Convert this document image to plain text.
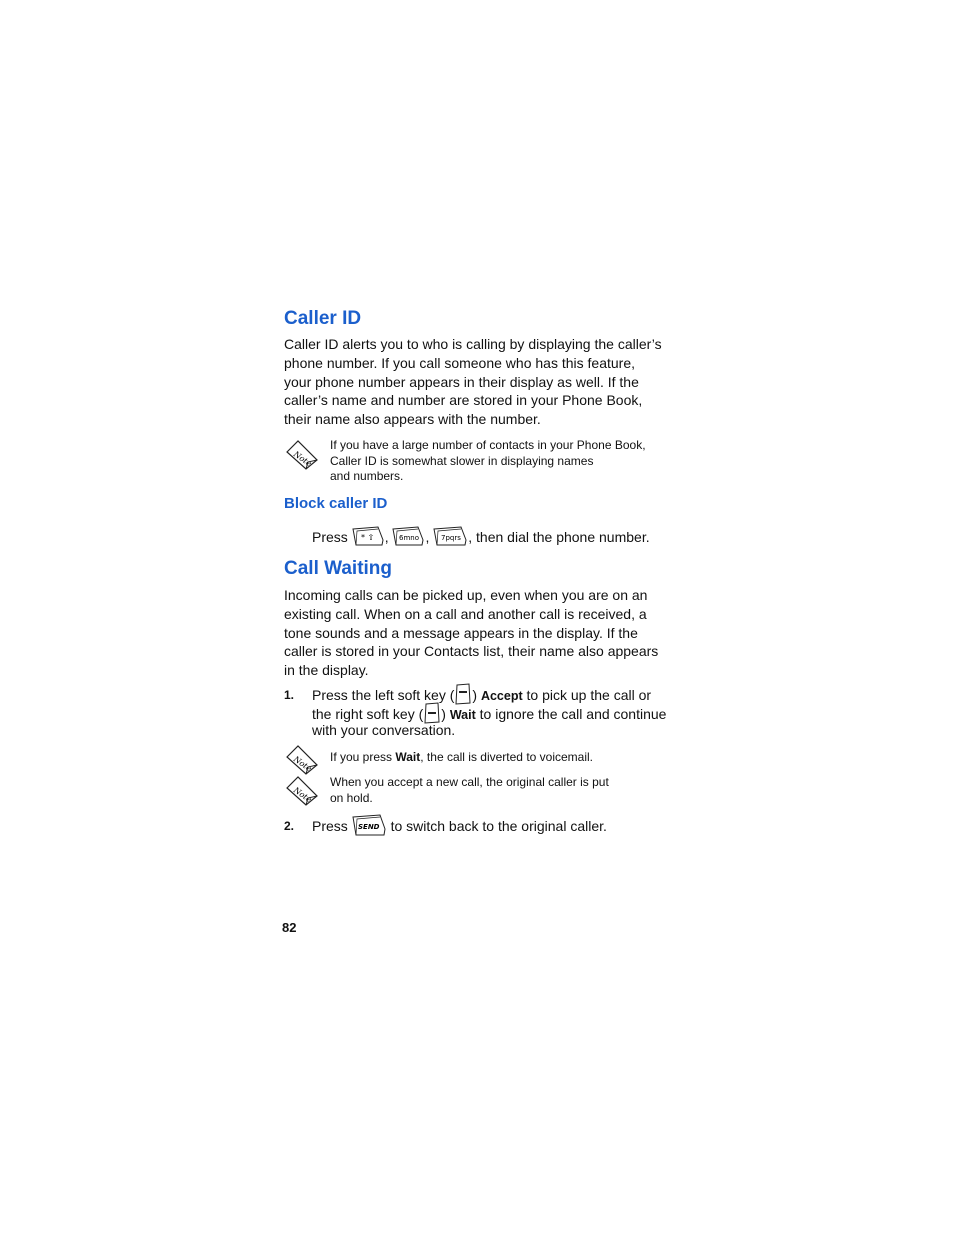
Caller ID

Caller ID alerts you to who is calling by displaying the caller’s phone number. If you call someone who has this feature, your phone number appears in their display as well. If the caller’s name and number are stored in your Phone Book, their name also appears with the number.

Note

If you have a large number of contacts in your Phone Book,
Caller ID is somewhat slower in displaying names
and numbers.

Block caller ID
Press * ⇧ , 6mno , 7pqrs , then dial the phone number.
Call Waiting

Incoming calls can be picked up, even when you are on an existing call. When on a call and another call is received, a tone sounds and a message appears in the display. If the caller is stored in your Contacts list, their name also appears in the display.

1. Press the left soft key ( ) Accept to pick up the call or
the right soft key ( ) Wait to ignore the call and continue
with your conversation.
Note If you press Wait, the call is diverted to voicemail.

Note

When you accept a new call, the original caller is put
on hold.

2. Press SEND to switch back to the original caller.
82
